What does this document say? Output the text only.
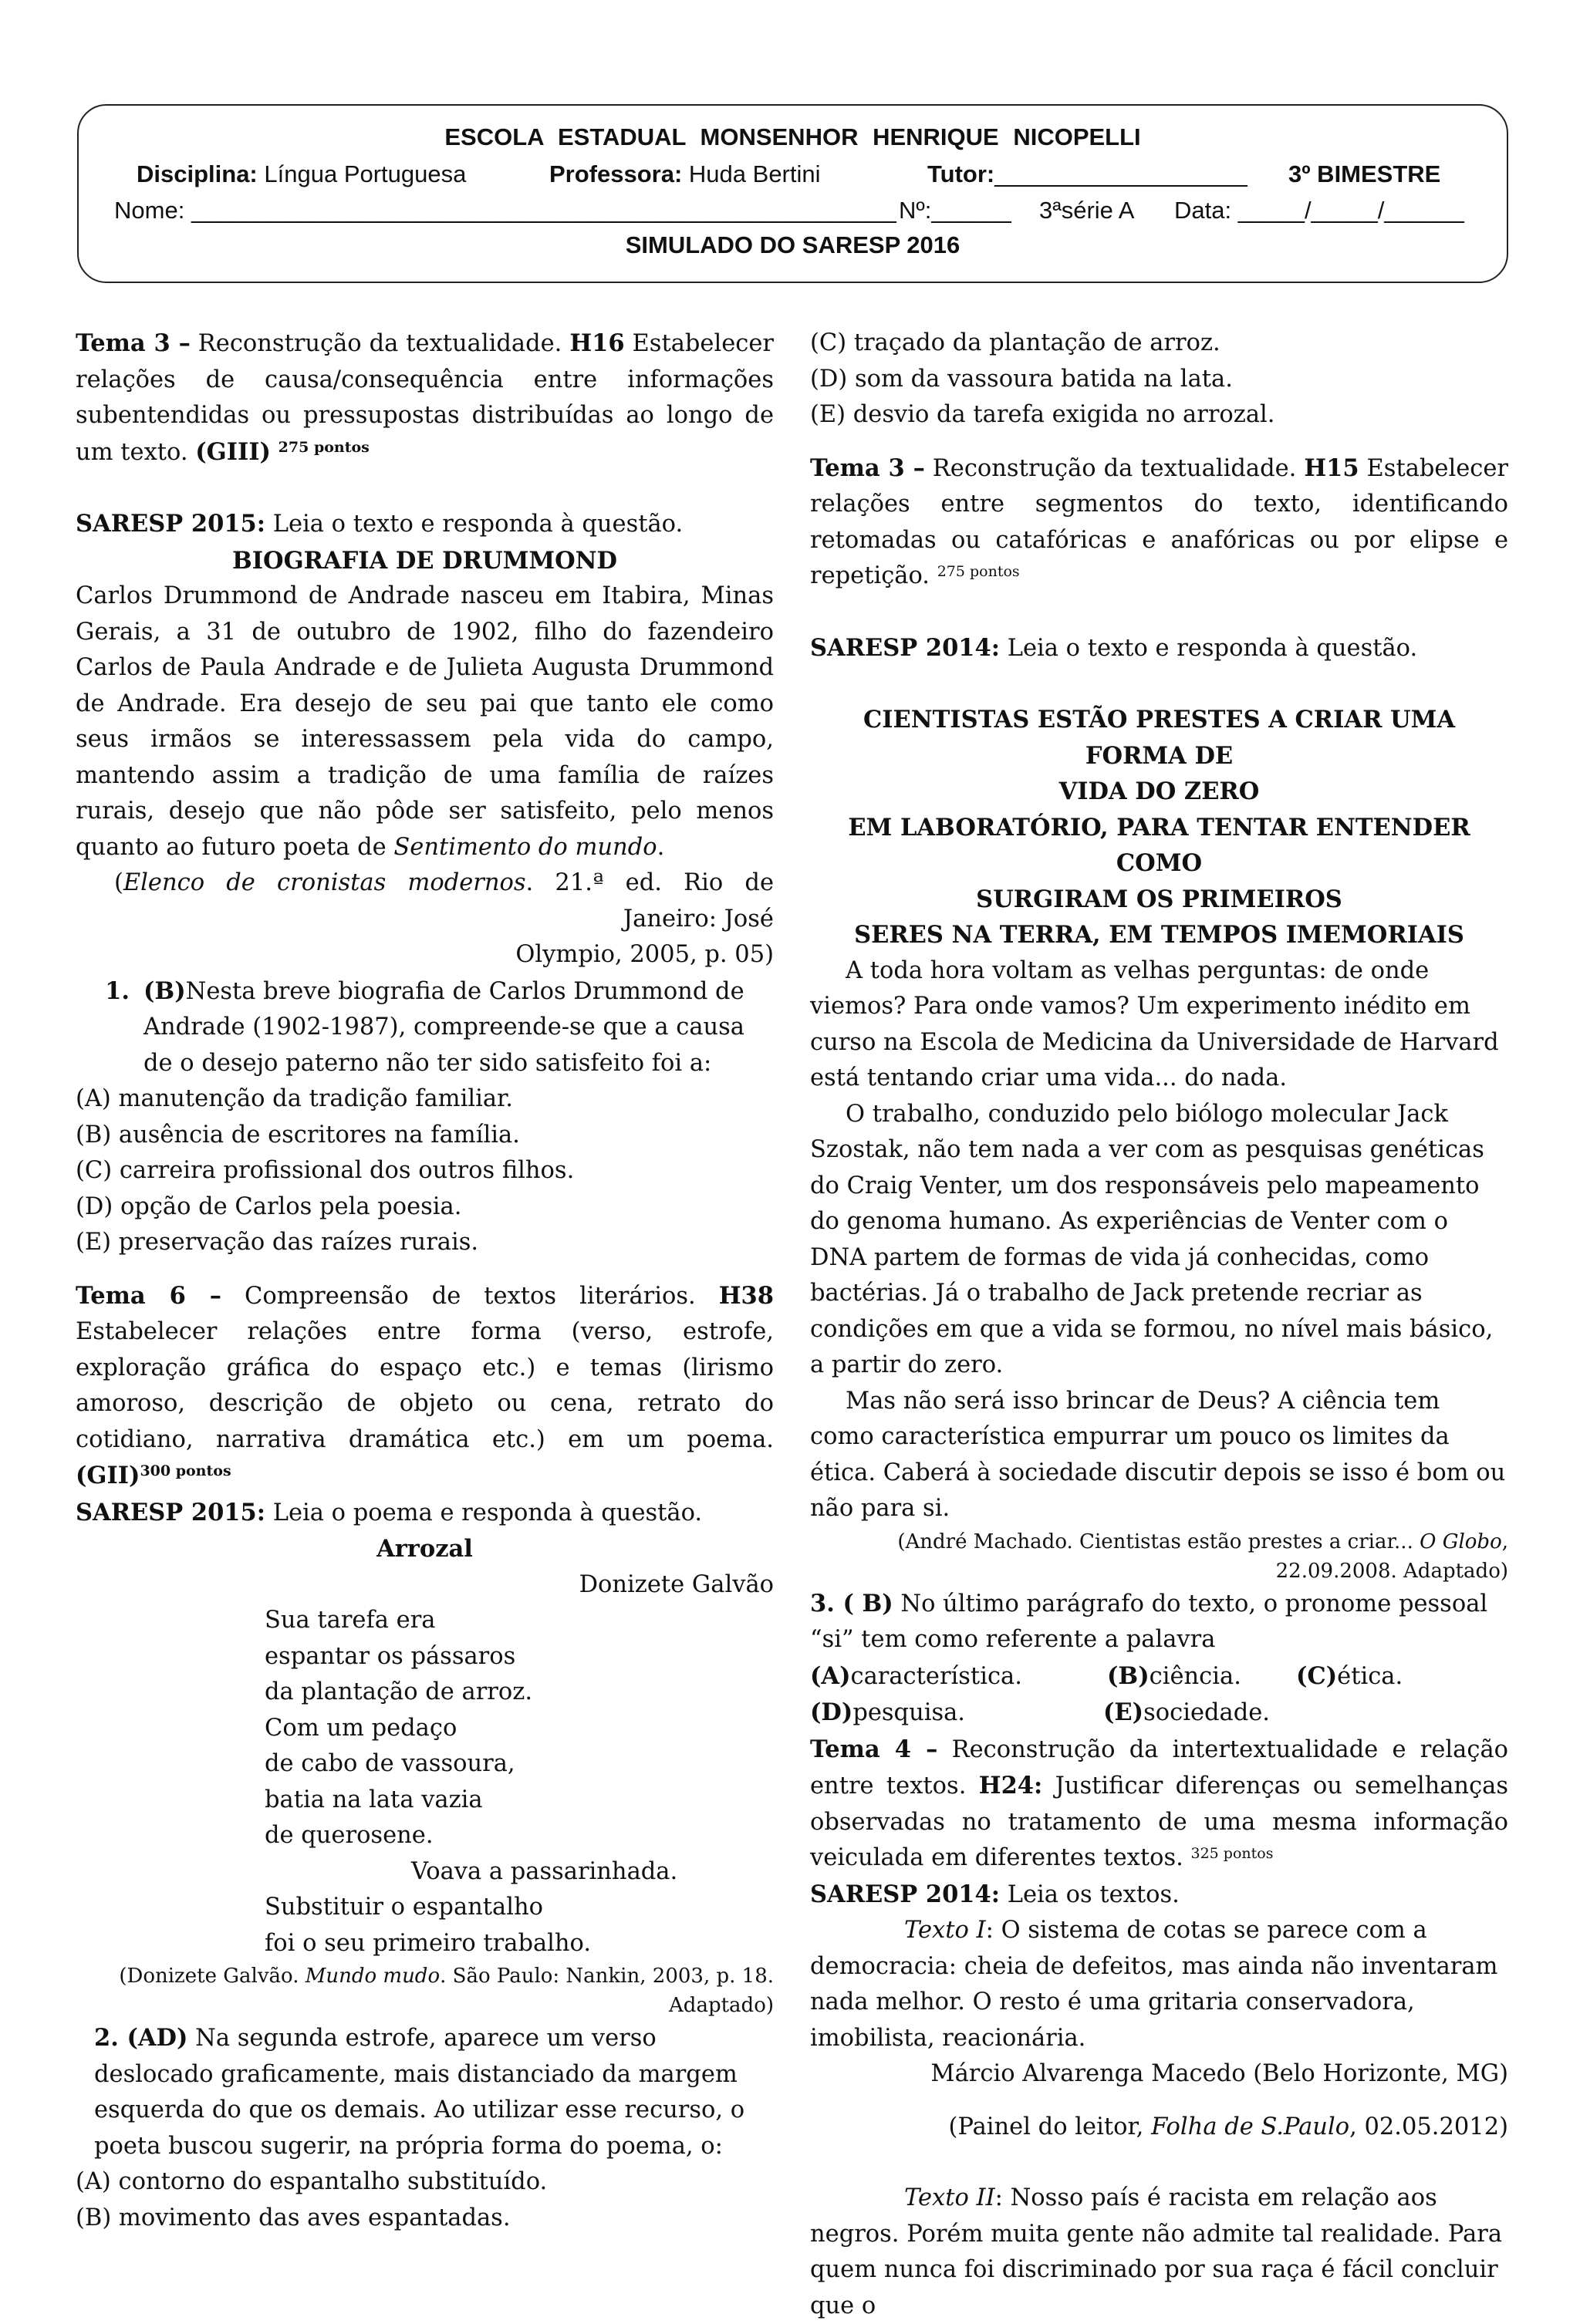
ESCOLA ESTADUAL MONSENHOR HENRIQUE NICOPELLI
Disciplina: Língua Portuguesa	Professora: Huda Bertini	Tutor:___________________ 3º BIMESTRE
Nome: _____________________________________________________ Nº:______ 3ªsérie A Data: _____/_____/______
SIMULADO DO SARESP 2016

Tema 3 – Reconstrução da textualidade. H16 Estabelecer relações de causa/consequência entre informações subentendidas ou pressupostas distribuídas ao longo de um texto. (GIII) $^{275 pontos}$

SARESP 2015: Leia o texto e responda à questão.

BIOGRAFIA DE DRUMMOND

Carlos Drummond de Andrade nasceu em Itabira, Minas Gerais, a 31 de outubro de 1902, filho do fazendeiro Carlos de Paula Andrade e de Julieta Augusta Drummond de Andrade. Era desejo de seu pai que tanto ele como seus irmãos se interessassem pela vida do campo, mantendo assim a tradição de uma família de raízes rurais, desejo que não pôde ser satisfeito, pelo menos quanto ao futuro poeta de Sentimento do mundo.

(Elenco de cronistas modernos. 21.ª ed. Rio de Janeiro: José
Olympio, 2005, p. 05)

1. (B)Nesta breve biografia de Carlos Drummond de Andrade (1902-1987), compreende-se que a causa de o desejo paterno não ter sido satisfeito foi a:

(A) manutenção da tradição familiar.

(B) ausência de escritores na família.

(C) carreira profissional dos outros filhos.

(D) opção de Carlos pela poesia.

(E) preservação das raízes rurais.

Tema 6 – Compreensão de textos literários. H38 Estabelecer relações entre forma (verso, estrofe, exploração gráfica do espaço etc.) e temas (lirismo amoroso, descrição de objeto ou cena, retrato do cotidiano, narrativa dramática etc.) em um poema. (GII)$^{300 pontos}$

SARESP 2015: Leia o poema e responda à questão.

Arrozal

Donizete Galvão

Sua tarefa era

espantar os pássaros

da plantação de arroz.

Com um pedaço

de cabo de vassoura,

batia na lata vazia

de querosene.

Voava a passarinhada.

Substituir o espantalho

foi o seu primeiro trabalho.

(Donizete Galvão. Mundo mudo. São Paulo: Nankin, 2003, p. 18. Adaptado)

2. (AD) Na segunda estrofe, aparece um verso deslocado graficamente, mais distanciado da margem esquerda do que os demais. Ao utilizar esse recurso, o poeta buscou sugerir, na própria forma do poema, o:

(A) contorno do espantalho substituído.

(B) movimento das aves espantadas.

(C) traçado da plantação de arroz.

(D) som da vassoura batida na lata.

(E) desvio da tarefa exigida no arrozal.

Tema 3 – Reconstrução da textualidade. H15 Estabelecer relações entre segmentos do texto, identificando retomadas ou catafóricas e anafóricas ou por elipse e repetição. $^{275 pontos}$

SARESP 2014: Leia o texto e responda à questão.

CIENTISTAS ESTÃO PRESTES A CRIAR UMA FORMA DE

VIDA DO ZERO

EM LABORATÓRIO, PARA TENTAR ENTENDER COMO

SURGIRAM OS PRIMEIROS

SERES NA TERRA, EM TEMPOS IMEMORIAIS

A toda hora voltam as velhas perguntas: de onde viemos? Para onde vamos? Um experimento inédito em curso na Escola de Medicina da Universidade de Harvard está tentando criar uma vida... do nada.

O trabalho, conduzido pelo biólogo molecular Jack Szostak, não tem nada a ver com as pesquisas genéticas do Craig Venter, um dos responsáveis pelo mapeamento do genoma humano. As experiências de Venter com o DNA partem de formas de vida já conhecidas, como bactérias. Já o trabalho de Jack pretende recriar as condições em que a vida se formou, no nível mais básico, a partir do zero.

Mas não será isso brincar de Deus? A ciência tem como característica empurrar um pouco os limites da ética. Caberá à sociedade discutir depois se isso é bom ou não para si.

(André Machado. Cientistas estão prestes a criar... O Globo,
22.09.2008. Adaptado)

3. ( B) No último parágrafo do texto, o pronome pessoal “si” tem como referente a palavra

(A)característica.	(B)ciência.	(C)ética.
(D)pesquisa.	(E)sociedade.

Tema 4 – Reconstrução da intertextualidade e relação entre textos. H24: Justificar diferenças ou semelhanças observadas no tratamento de uma mesma informação veiculada em diferentes textos. $^{325 pontos}$

SARESP 2014: Leia os textos.

Texto I: O sistema de cotas se parece com a democracia: cheia de defeitos, mas ainda não inventaram nada melhor. O resto é uma gritaria conservadora, imobilista, reacionária.

Márcio Alvarenga Macedo (Belo Horizonte, MG)

(Painel do leitor, Folha de S.Paulo, 02.05.2012)

Texto II: Nosso país é racista em relação aos negros. Porém muita gente não admite tal realidade. Para quem nunca foi discriminado por sua raça é fácil concluir que o
